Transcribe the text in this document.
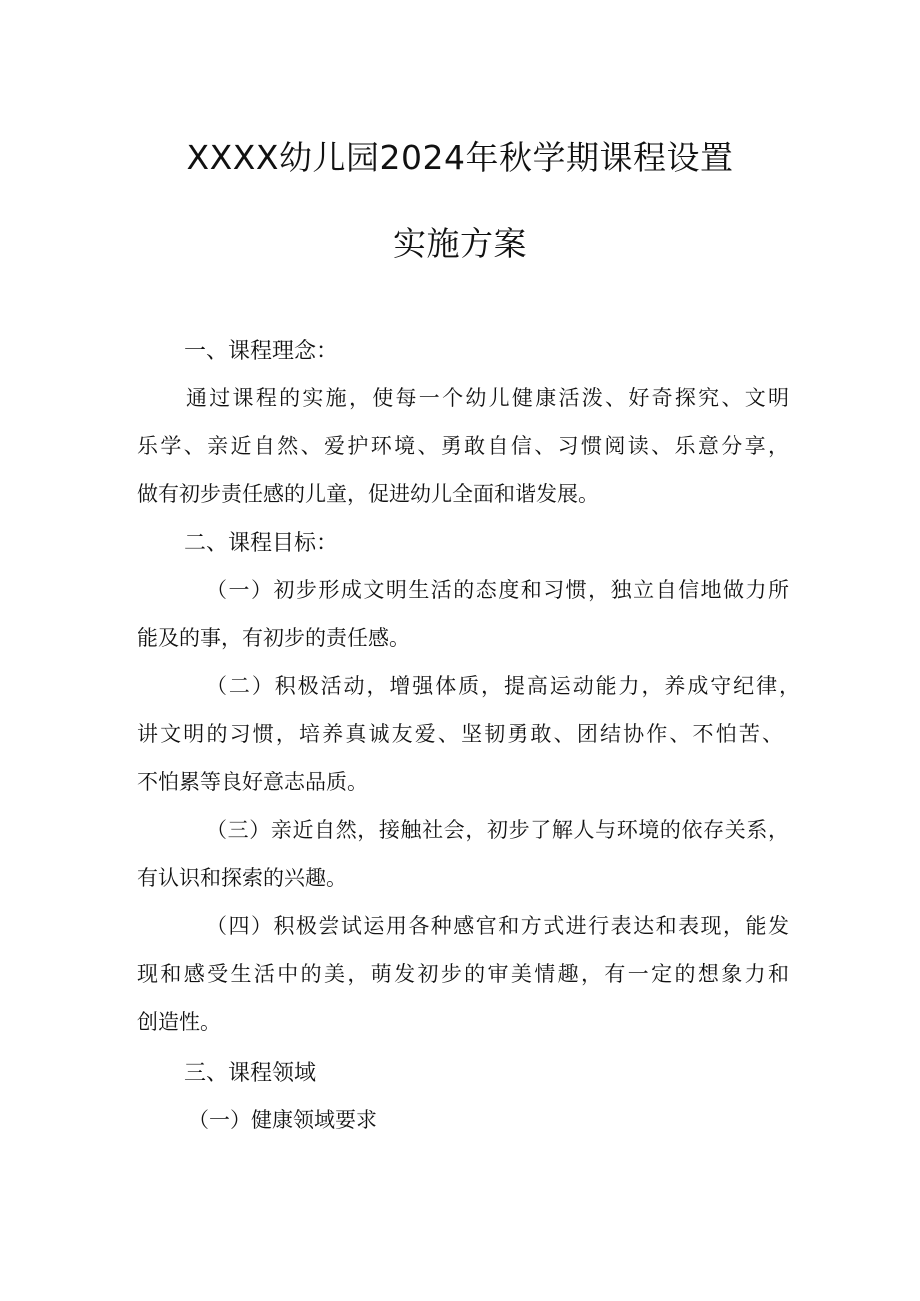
XXXX幼儿园2024年秋学期课程设置
实施方案
一、课程理念：
通过课程的实施，使每一个幼儿健康活泼、好奇探究、文明
乐学、亲近自然、爱护环境、勇敢自信、习惯阅读、乐意分享，
做有初步责任感的儿童，促进幼儿全面和谐发展。
二、课程目标：
（一）初步形成文明生活的态度和习惯，独立自信地做力所
能及的事，有初步的责任感。
（二）积极活动，增强体质，提高运动能力，养成守纪律，
讲文明的习惯，培养真诚友爱、坚韧勇敢、团结协作、不怕苦、
不怕累等良好意志品质。
（三）亲近自然，接触社会，初步了解人与环境的依存关系，
有认识和探索的兴趣。
（四）积极尝试运用各种感官和方式进行表达和表现，能发
现和感受生活中的美，萌发初步的审美情趣，有一定的想象力和
创造性。
三、课程领域
（一）健康领域要求
